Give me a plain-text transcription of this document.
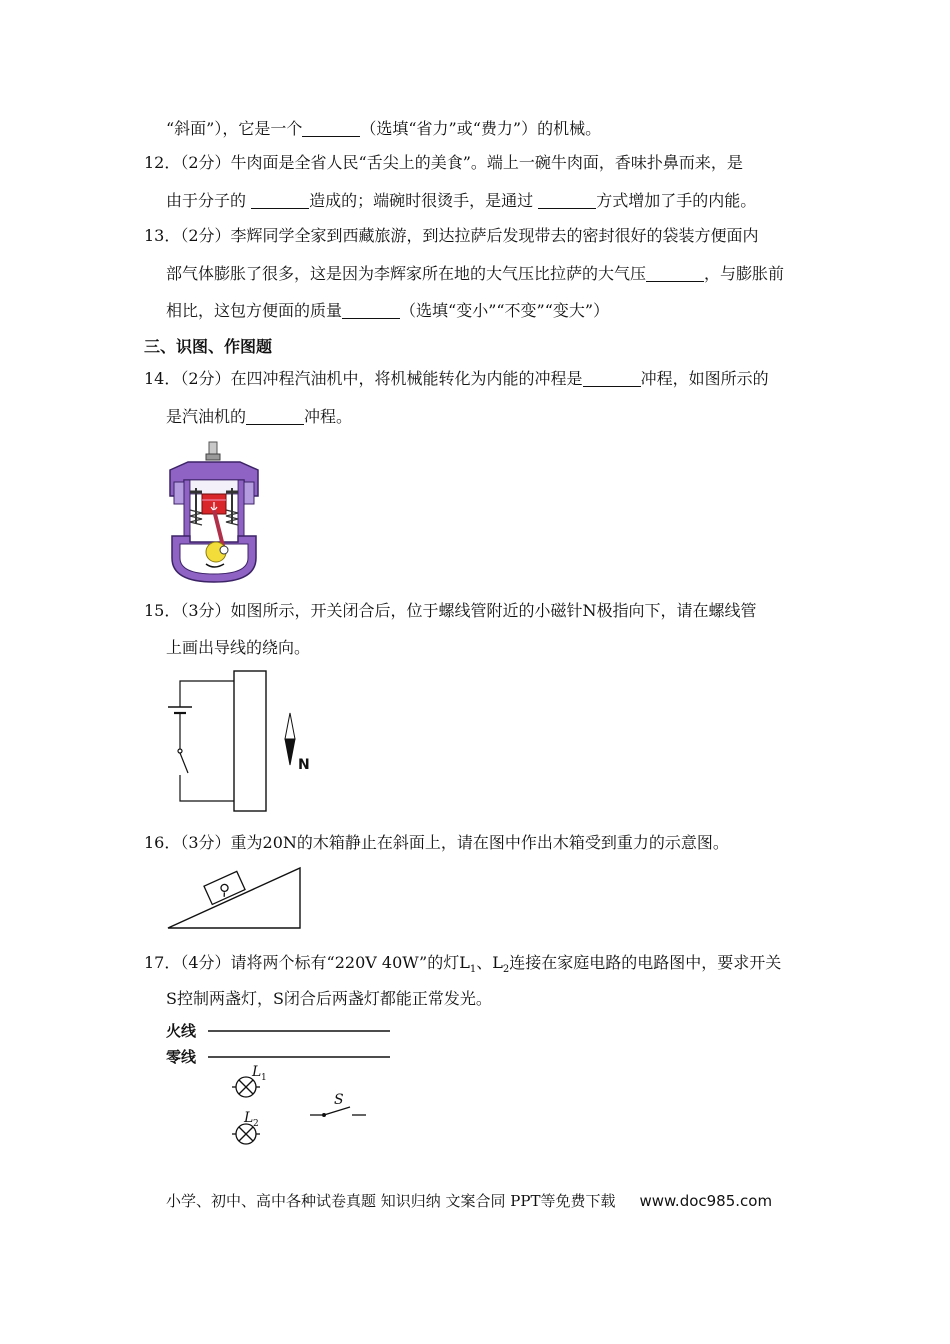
“斜面”），它是一个	（选填“省力”或“费力”）的机械。
12．（2分）牛肉面是全省人民“舌尖上的美食”。端上一碗牛肉面，香味扑鼻而来，是
由于分子的	造成的；端碗时很烫手，是通过	方式增加了手的内能。
13．（2分）李辉同学全家到西藏旅游，到达拉萨后发现带去的密封很好的袋装方便面内
部气体膨胀了很多，这是因为李辉家所在地的大气压比拉萨的大气压	，与膨胀前
相比，这包方便面的质量	（选填“变小”“不变”“变大”）
三、识图、作图题
14．（2分）在四冲程汽油机中，将机械能转化为内能的冲程是	冲程，如图所示的
是汽油机的	冲程。
15．（3分）如图所示，开关闭合后，位于螺线管附近的小磁针N极指向下，请在螺线管
上画出导线的绕向。
N
16．（3分）重为20N的木箱静止在斜面上，请在图中作出木箱受到重力的示意图。
17．（4分）请将两个标有“220V 40W”的灯$L_1$、$L_2$连接在家庭电路的电路图中，要求开关
S控制两盏灯，S闭合后两盏灯都能正常发光。
火线
零线
L 1
L 2
S
小学、初中、高中各种试卷真题 知识归纳 文案合同 PPT等免费下载 www.doc985.com
